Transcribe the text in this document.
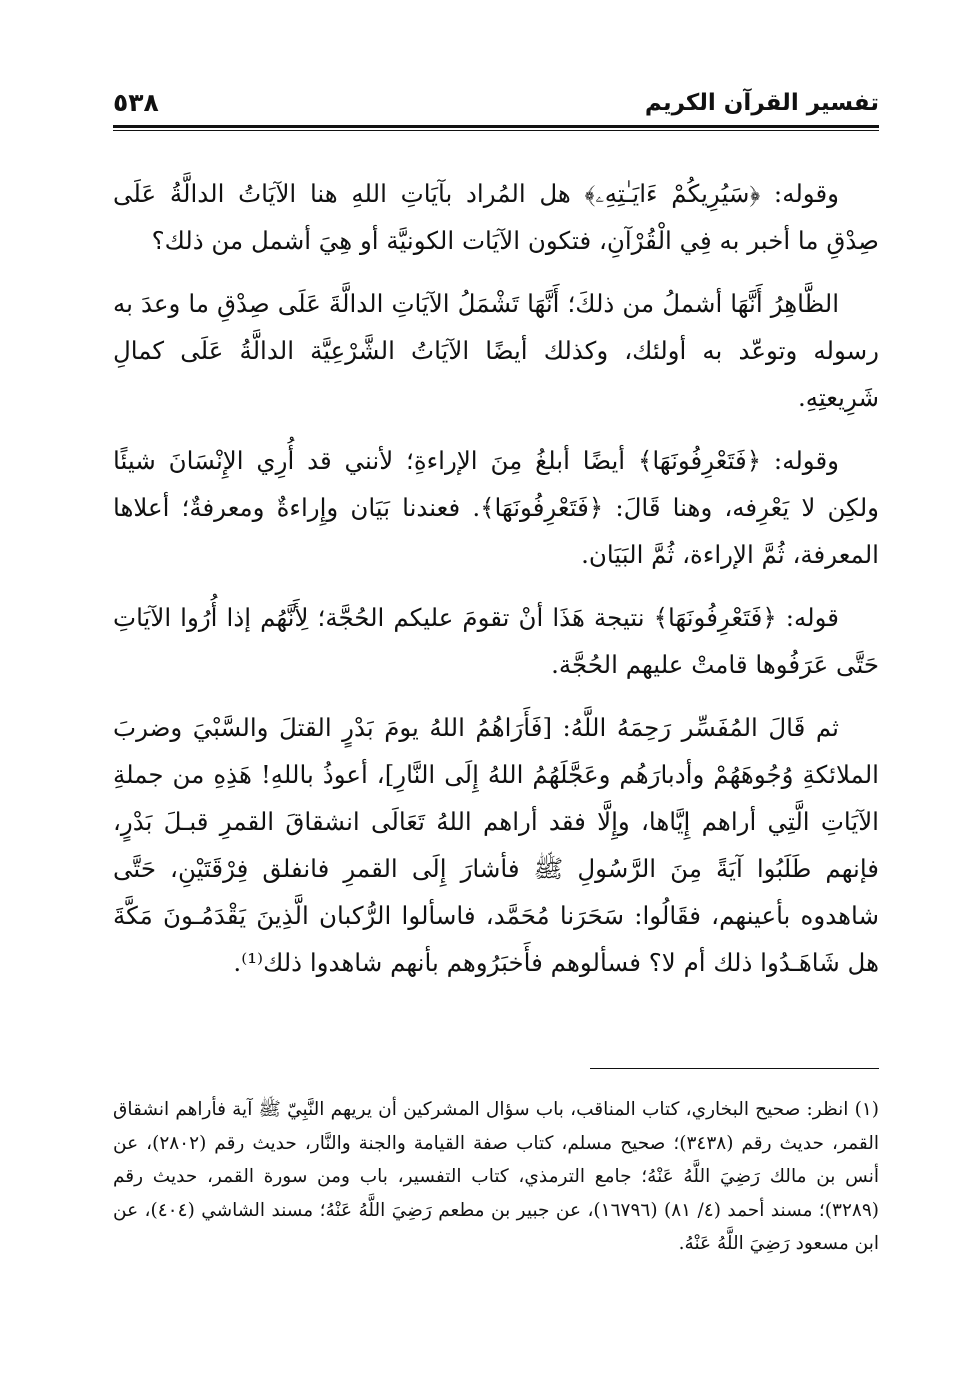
تفسير القرآن الكريم
٥٣٨

وقوله: ﴿سَيُرِيكُمْ ءَايَـٰتِهِۦ﴾ هل المُراد بآيَاتِ اللهِ هنا الآيَاتُ الدالَّةُ عَلَى صِدْقِ ما أخبر به فِي الْقُرْآنِ، فتكون الآيَات الكونيَّة أو هِيَ أشمل من ذلك؟

الظَّاهِرُ أَنَّهَا أشملُ من ذلكَ؛ أَنَّهَا تَشْمَلُ الآيَاتِ الدالَّةَ عَلَى صِدْقِ ما وعدَ به رسوله وتوعّد به أولئك، وكذلك أيضًا الآيَاتُ الشَّرْعِيَّة الدالَّةُ عَلَى كمالِ شَرِيعتِهِ.

وقوله: ﴿فَتَعْرِفُونَهَا﴾ أيضًا أبلغُ مِنَ الإراءةِ؛ لأنني قد أُرِي الإِنْسَانَ شيئًا ولكِن لا يَعْرِفه، وهنا قَالَ: ﴿فَتَعْرِفُونَهَا﴾. فعندنا بَيَان وإِراءةٌ ومعرفةٌ؛ أعلاها المعرفة، ثُمَّ الإراءة، ثُمَّ البَيَان.

قوله: ﴿فَتَعْرِفُونَهَا﴾ نتيجة هَذَا أنْ تقومَ عليكم الحُجَّة؛ لِأَنَّهُم إذا أُرُوا الآيَاتِ حَتَّى عَرَفُوها قامتْ عليهم الحُجَّة.

ثم قَالَ المُفَسِّر رَحِمَهُ اللَّهُ: [فَأَرَاهُمُ اللهُ يومَ بَدْرٍ القتلَ والسَّبْيَ وضربَ الملائكةِ وُجُوهَهُمْ وأدبارَهُم وعَجَّلَهُمُ اللهُ إِلَى النَّارِ]، أعوذُ باللهِ! هَذِهِ من جملةِ الآيَاتِ الَّتِي أراهم إِيَّاها، وإِلَّا فقد أراهم اللهُ تَعَالَى انشقاقَ القمرِ قبـلَ بَدْرٍ، فإنهم طَلَبُوا آيَةً مِنَ الرَّسُولِ ﷺ فأشارَ إِلَى القمرِ فانفلق فِرْقَتَيْنِ، حَتَّى شاهدوه بأعينهم، فقَالُوا: سَحَرَنا مُحَمَّد، فاسألوا الرُّكبان الَّذِينَ يَقْدَمُـونَ مَكَّةَ هل شَاهَـدُوا ذلك أم لا؟ فسألوهم فأَخبَرُوهم بأنهم شاهدوا ذلك⁽¹⁾.

(١) انظر: صحيح البخاري، كتاب المناقب، باب سؤال المشركين أن يريهم النَّبِيّ ﷺ آية فأراهم انشقاق القمر، حديث رقم (٣٤٣٨)؛ صحيح مسلم، كتاب صفة القيامة والجنة والنَّار، حديث رقم (٢٨٠٢)، عن أنس بن مالك رَضِيَ اللَّهُ عَنْهُ؛ جامع الترمذي، كتاب التفسير، باب ومن سورة القمر، حديث رقم (٣٢٨٩)؛ مسند أحمد (٤/ ٨١) (١٦٧٩٦)، عن جبير بن مطعم رَضِيَ اللَّهُ عَنْهُ؛ مسند الشاشي (٤٠٤)، عن ابن مسعود رَضِيَ اللَّهُ عَنْهُ.
